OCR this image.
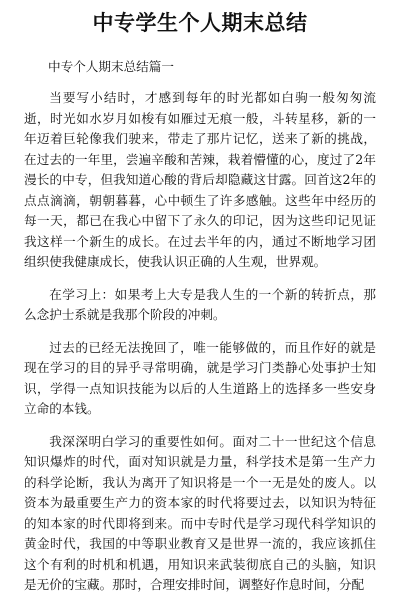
中专学生个人期末总结
中专个人期末总结篇一

当要写小结时，才感到每年的时光都如白驹一般匆匆流逝，时光如水岁月如梭有如雁过无痕一般，斗转星移，新的一年迈着巨轮像我们驶来，带走了那片记忆，送来了新的挑战，在过去的一年里，尝遍辛酸和苦辣，栽着懵懂的心，度过了2年漫长的中专，但我知道心酸的背后却隐藏这甘露。回首这2年的点点滴滴，朝朝暮暮，心中顿生了许多感触。这些年中经历的每一天，都已在我心中留下了永久的印记，因为这些印记见证我这样一个新生的成长。在过去半年的内，通过不断地学习团组织使我健康成长，使我认识正确的人生观，世界观。

在学习上：如果考上大专是我人生的一个新的转折点，那么念护士系就是我那个阶段的冲刺。

过去的已经无法挽回了，唯一能够做的，而且作好的就是现在学习的目的异乎寻常明确，就是学习门类静心处事护士知识，学得一点知识技能为以后的人生道路上的选择多一些安身立命的本钱。

我深深明白学习的重要性如何。面对二十一世纪这个信息知识爆炸的时代，面对知识就是力量，科学技术是第一生产力的科学论断，我认为离开了知识将是一个一无是处的废人。以资本为最重要生产力的资本家的时代将要过去，以知识为特征的知本家的时代即将到来。而中专时代是学习现代科学知识的黄金时代，我国的中等职业教育又是世界一流的，我应该抓住这个有利的时机和机遇，用知识来武装彻底自己的头脑，知识是无价的宝藏。那时，合理安排时间，调整好作息时间，分配
